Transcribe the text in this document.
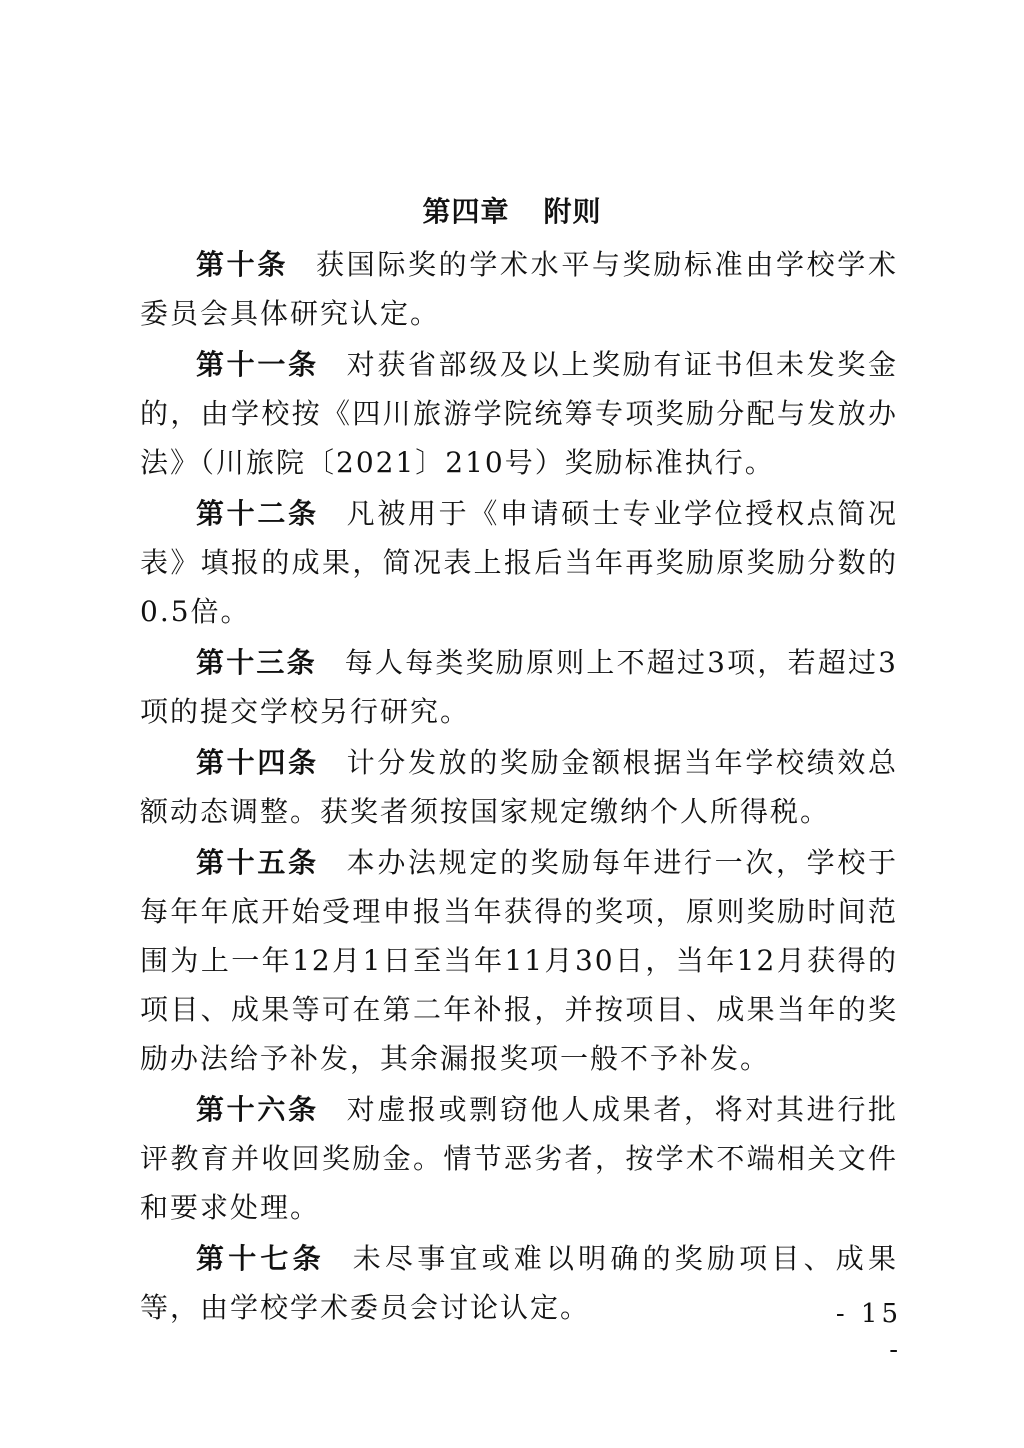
第四章 附则

第十条 获国际奖的学术水平与奖励标准由学校学术委员会具体研究认定。

第十一条 对获省部级及以上奖励有证书但未发奖金的，由学校按《四川旅游学院统筹专项奖励分配与发放办法》（川旅院〔2021〕210号）奖励标准执行。

第十二条 凡被用于《申请硕士专业学位授权点简况表》填报的成果，简况表上报后当年再奖励原奖励分数的0.5倍。

第十三条 每人每类奖励原则上不超过3项，若超过3项的提交学校另行研究。

第十四条 计分发放的奖励金额根据当年学校绩效总额动态调整。获奖者须按国家规定缴纳个人所得税。

第十五条 本办法规定的奖励每年进行一次，学校于每年年底开始受理申报当年获得的奖项，原则奖励时间范围为上一年12月1日至当年11月30日，当年12月获得的项目、成果等可在第二年补报，并按项目、成果当年的奖励办法给予补发，其余漏报奖项一般不予补发。

第十六条 对虚报或剽窃他人成果者，将对其进行批评教育并收回奖励金。情节恶劣者，按学术不端相关文件和要求处理。

第十七条 未尽事宜或难以明确的奖励项目、成果等，由学校学术委员会讨论认定。	- 15 -
